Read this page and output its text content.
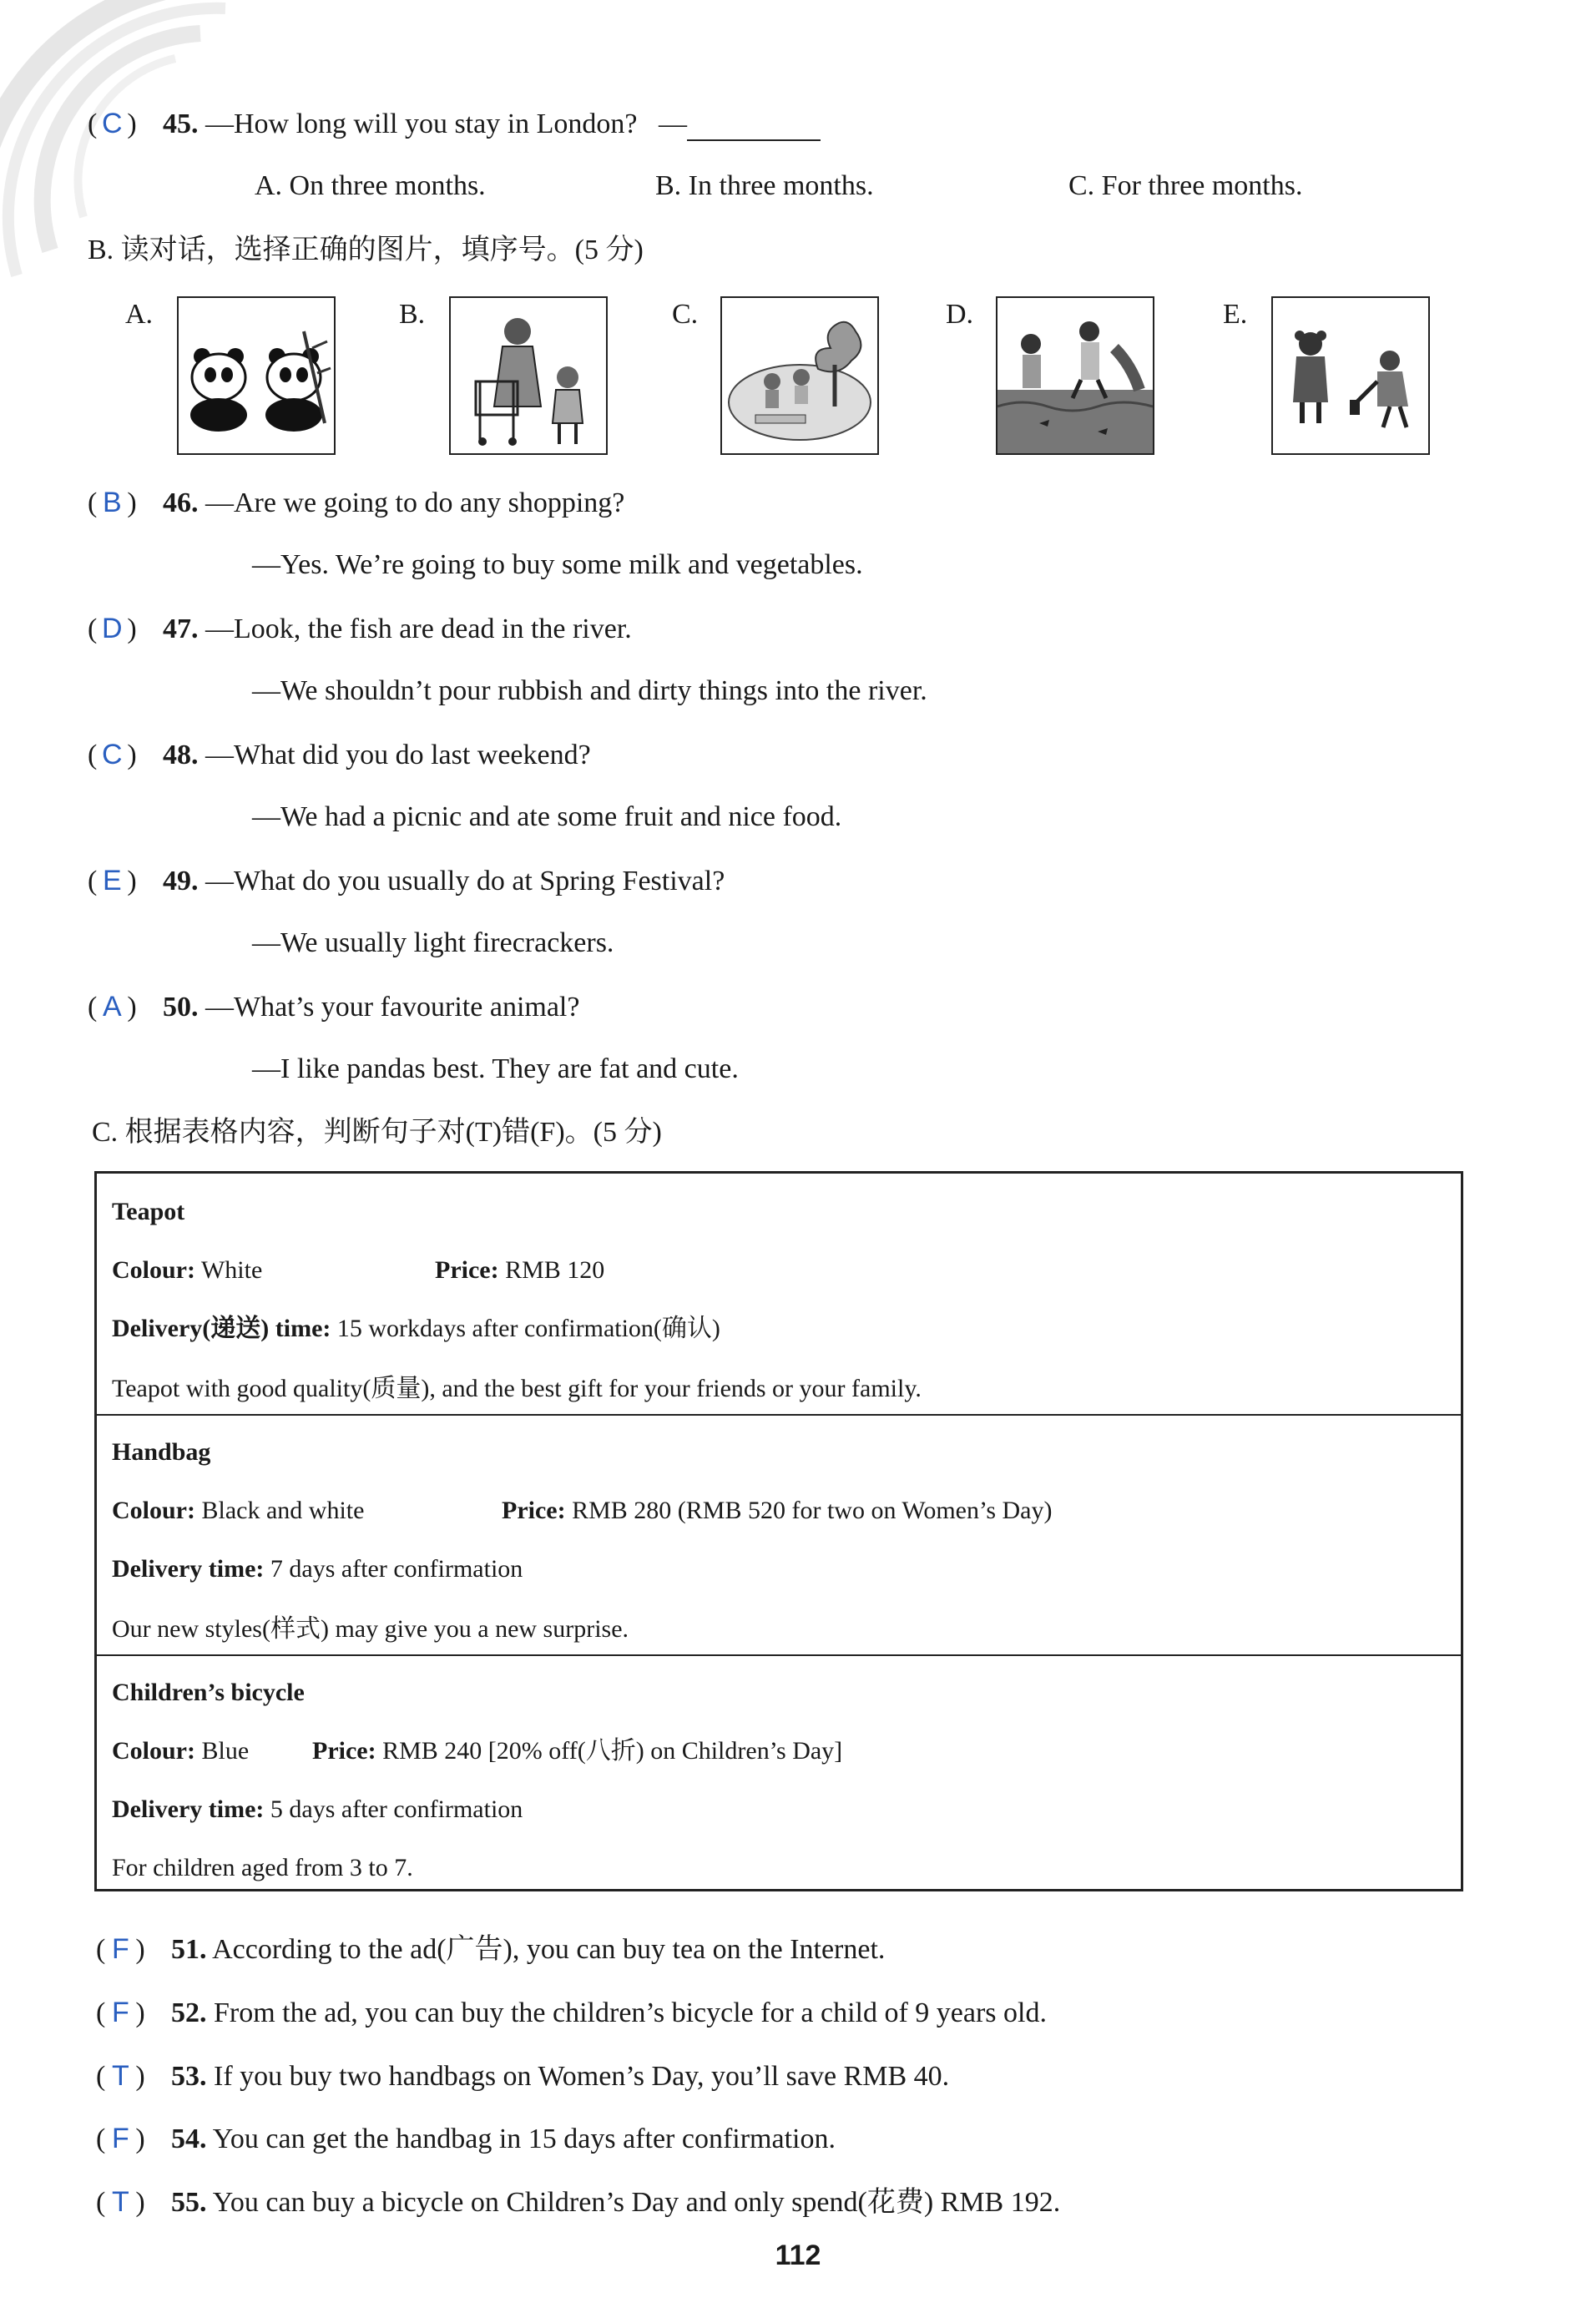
( C ) 45. —How long will you stay in London? —
A. On three months.	B. In three months.	C. For three months.
B. 读对话，选择正确的图片，填序号。(5 分)
A.	B.	C.	D.	E.
( B ) 46. —Are we going to do any shopping?
—Yes. We’re going to buy some milk and vegetables.
( D ) 47. —Look, the fish are dead in the river.
—We shouldn’t pour rubbish and dirty things into the river.
( C ) 48. —What did you do last weekend?
—We had a picnic and ate some fruit and nice food.
( E ) 49. —What do you usually do at Spring Festival?
—We usually light firecrackers.
( A ) 50. —What’s your favourite animal?
—I like pandas best. They are fat and cute.
C. 根据表格内容，判断句子对(T)错(F)。(5 分)
Teapot
Colour: White	Price: RMB 120
Delivery(递送) time: 15 workdays after confirmation(确认)
Teapot with good quality(质量), and the best gift for your friends or your family.
Handbag
Colour: Black and white	Price: RMB 280 (RMB 520 for two on Women’s Day)
Delivery time: 7 days after confirmation
Our new styles(样式) may give you a new surprise.
Children’s bicycle
Colour: Blue	Price: RMB 240 [20% off(八折) on Children’s Day]
Delivery time: 5 days after confirmation
For children aged from 3 to 7.
( F ) 51. According to the ad(广告), you can buy tea on the Internet.
( F ) 52. From the ad, you can buy the children’s bicycle for a child of 9 years old.
( T ) 53. If you buy two handbags on Women’s Day, you’ll save RMB 40.
( F ) 54. You can get the handbag in 15 days after confirmation.
( T ) 55. You can buy a bicycle on Children’s Day and only spend(花费) RMB 192.
112
